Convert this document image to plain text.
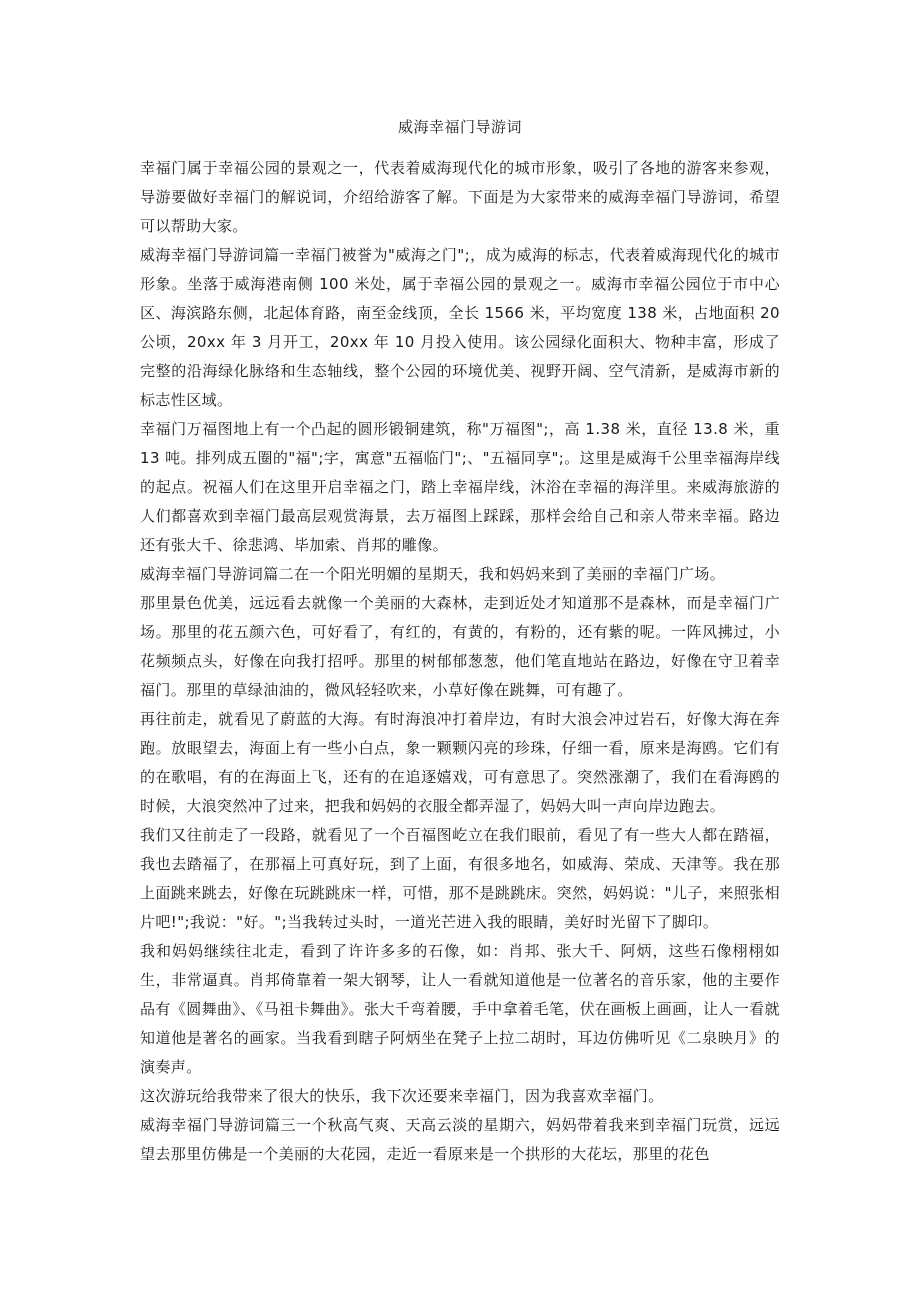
威海幸福门导游词

幸福门属于幸福公园的景观之一，代表着威海现代化的城市形象，吸引了各地的游客来参观，导游要做好幸福门的解说词，介绍给游客了解。下面是为大家带来的威海幸福门导游词，希望可以帮助大家。

威海幸福门导游词篇一幸福门被誉为"威海之门";，成为威海的标志，代表着威海现代化的城市形象。坐落于威海港南侧 100 米处，属于幸福公园的景观之一。威海市幸福公园位于市中心区、海滨路东侧，北起体育路，南至金线顶，全长 1566 米，平均宽度 138 米，占地面积 20 公顷，20xx 年 3 月开工，20xx 年 10 月投入使用。该公园绿化面积大、物种丰富，形成了完整的沿海绿化脉络和生态轴线，整个公园的环境优美、视野开阔、空气清新，是威海市新的标志性区域。

幸福门万福图地上有一个凸起的圆形锻铜建筑，称"万福图";，高 1.38 米，直径 13.8 米，重 13 吨。排列成五圈的"福";字，寓意"五福临门";、"五福同享";。这里是威海千公里幸福海岸线的起点。祝福人们在这里开启幸福之门，踏上幸福岸线，沐浴在幸福的海洋里。来威海旅游的人们都喜欢到幸福门最高层观赏海景，去万福图上踩踩，那样会给自己和亲人带来幸福。路边还有张大千、徐悲鸿、毕加索、肖邦的雕像。

威海幸福门导游词篇二在一个阳光明媚的星期天，我和妈妈来到了美丽的幸福门广场。

那里景色优美，远远看去就像一个美丽的大森林，走到近处才知道那不是森林，而是幸福门广场。那里的花五颜六色，可好看了，有红的，有黄的，有粉的，还有紫的呢。一阵风拂过，小花频频点头，好像在向我打招呼。那里的树郁郁葱葱，他们笔直地站在路边，好像在守卫着幸福门。那里的草绿油油的，微风轻轻吹来，小草好像在跳舞，可有趣了。

再往前走，就看见了蔚蓝的大海。有时海浪冲打着岸边，有时大浪会冲过岩石，好像大海在奔跑。放眼望去，海面上有一些小白点，象一颗颗闪亮的珍珠，仔细一看，原来是海鸥。它们有的在歌唱，有的在海面上飞，还有的在追逐嬉戏，可有意思了。突然涨潮了，我们在看海鸥的时候，大浪突然冲了过来，把我和妈妈的衣服全都弄湿了，妈妈大叫一声向岸边跑去。

我们又往前走了一段路，就看见了一个百福图屹立在我们眼前，看见了有一些大人都在踏福，我也去踏福了，在那福上可真好玩，到了上面，有很多地名，如威海、荣成、天津等。我在那上面跳来跳去，好像在玩跳跳床一样，可惜，那不是跳跳床。突然，妈妈说："儿子，来照张相片吧!";我说："好。";当我转过头时，一道光芒进入我的眼睛，美好时光留下了脚印。

我和妈妈继续往北走，看到了许许多多的石像，如：肖邦、张大千、阿炳，这些石像栩栩如生，非常逼真。肖邦倚靠着一架大钢琴，让人一看就知道他是一位著名的音乐家，他的主要作品有《圆舞曲》、《马祖卡舞曲》。张大千弯着腰，手中拿着毛笔，伏在画板上画画，让人一看就知道他是著名的画家。当我看到瞎子阿炳坐在凳子上拉二胡时，耳边仿佛听见《二泉映月》的演奏声。

这次游玩给我带来了很大的快乐，我下次还要来幸福门，因为我喜欢幸福门。

威海幸福门导游词篇三一个秋高气爽、天高云淡的星期六，妈妈带着我来到幸福门玩赏，远远望去那里仿佛是一个美丽的大花园，走近一看原来是一个拱形的大花坛，那里的花色
